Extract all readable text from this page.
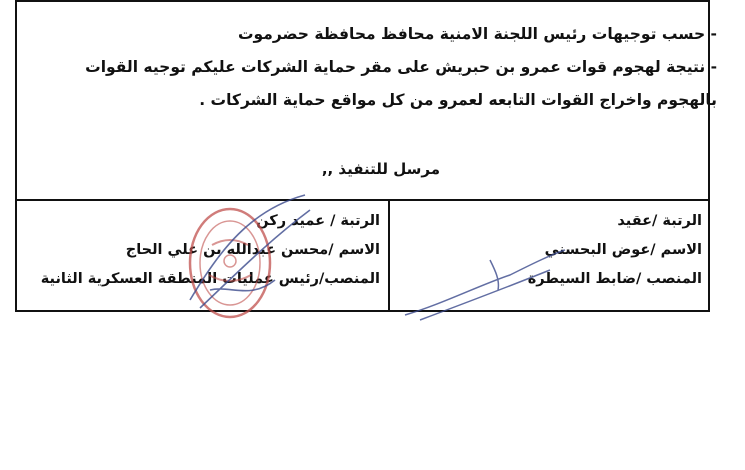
- حسب توجيهات رئيس اللجنة الامنية محافظ محافظة حضرموت
- نتيجة لهجوم قوات عمرو بن حبريش على مقر حماية الشركات عليكم توجيه القوات
بالهجوم واخراج القوات التابعه لعمرو من كل مواقع حماية الشركات .
مرسل للتنفيذ ,,
الرتبة / عميد ركن
الاسم /محسن عبدالله بن علي الحاج
المنصب/رئيس عمليات المنطقة العسكرية الثانية
الرتبة /عقيد
الاسم /عوض البحسني
المنصب /ضابط السيطرة
